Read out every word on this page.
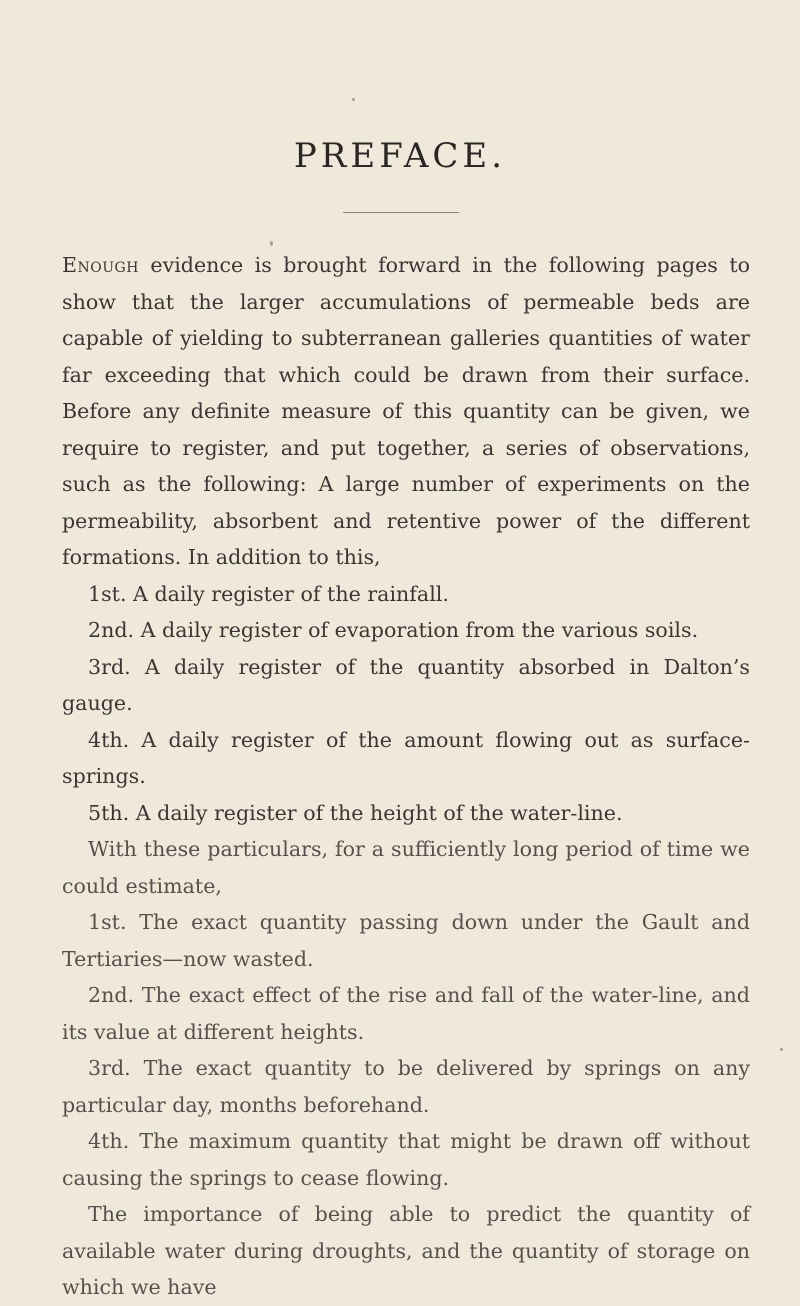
PREFACE.

Enough evidence is brought forward in the following pages to show that the larger accumulations of permeable beds are capable of yielding to subterranean galleries quantities of water far exceeding that which could be drawn from their surface. Before any definite measure of this quantity can be given, we require to register, and put together, a series of observations, such as the following: A large number of experiments on the permeability, absorbent and retentive power of the different formations. In addition to this,

1st. A daily register of the rainfall.

2nd. A daily register of evaporation from the various soils.

3rd. A daily register of the quantity absorbed in Dalton’s gauge.

4th. A daily register of the amount flowing out as surface-springs.

5th. A daily register of the height of the water-line.

With these particulars, for a sufficiently long period of time we could estimate,

1st. The exact quantity passing down under the Gault and Tertiaries—now wasted.

2nd. The exact effect of the rise and fall of the water-line, and its value at different heights.

3rd. The exact quantity to be delivered by springs on any particular day, months beforehand.

4th. The maximum quantity that might be drawn off without causing the springs to cease flowing.

The importance of being able to predict the quantity of available water during droughts, and the quantity of storage on which we have
